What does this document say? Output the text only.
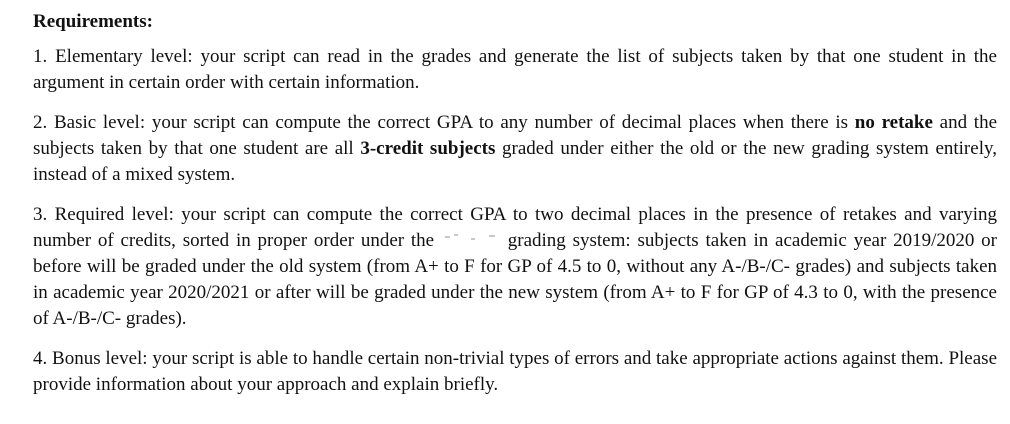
Requirements:

1. Elementary level: your script can read in the grades and generate the list of subjects taken by that one student in the argument in certain order with certain information.

2. Basic level: your script can compute the correct GPA to any number of decimal places when there is no retake and the subjects taken by that one student are all 3-credit subjects graded under either the old or the new grading system entirely, instead of a mixed system.

3. Required level: your script can compute the correct GPA to two decimal places in the presence of retakes and varying number of credits, sorted in proper order under the	grading system: subjects taken in academic year 2019/2020 or before will be graded under the old system (from A+ to F for GP of 4.5 to 0, without any A-/B-/C- grades) and subjects taken in academic year 2020/2021 or after will be graded under the new system (from A+ to F for GP of 4.3 to 0, with the presence of A-/B-/C- grades).

4. Bonus level: your script is able to handle certain non-trivial types of errors and take appropriate actions against them. Please provide information about your approach and explain briefly.
